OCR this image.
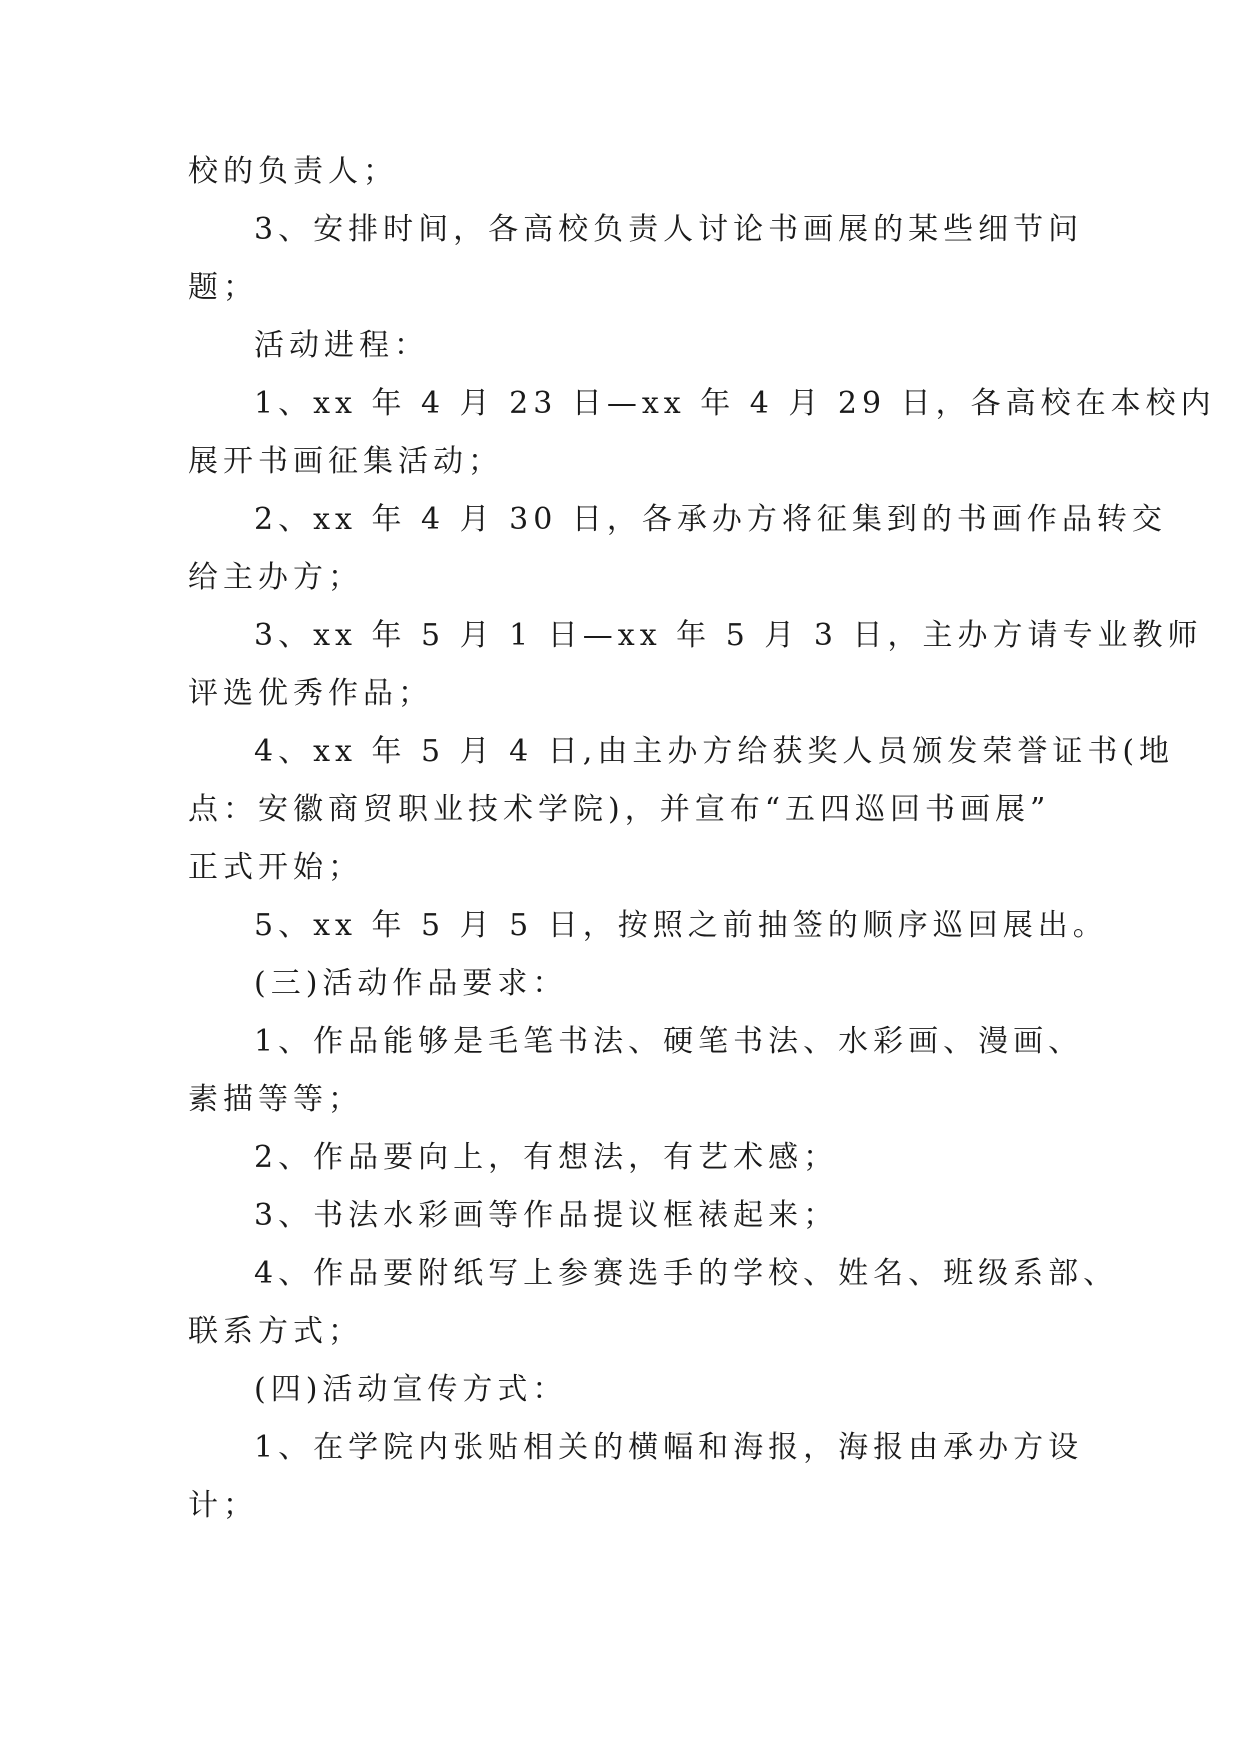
校的负责人；
3、安排时间，各高校负责人讨论书画展的某些细节问
题；
活动进程：
1、xx 年 4 月 23 日—xx 年 4 月 29 日，各高校在本校内
展开书画征集活动；
2、xx 年 4 月 30 日，各承办方将征集到的书画作品转交
给主办方；
3、xx 年 5 月 1 日—xx 年 5 月 3 日，主办方请专业教师
评选优秀作品；
4、xx 年 5 月 4 日,由主办方给获奖人员颁发荣誉证书(地
点：安徽商贸职业技术学院)，并宣布“五四巡回书画展”
正式开始；
5、xx 年 5 月 5 日，按照之前抽签的顺序巡回展出。
(三)活动作品要求：
1、作品能够是毛笔书法、硬笔书法、水彩画、漫画、
素描等等；
2、作品要向上，有想法，有艺术感；
3、书法水彩画等作品提议框裱起来；
4、作品要附纸写上参赛选手的学校、姓名、班级系部、
联系方式；
(四)活动宣传方式：
1、在学院内张贴相关的横幅和海报，海报由承办方设
计；
